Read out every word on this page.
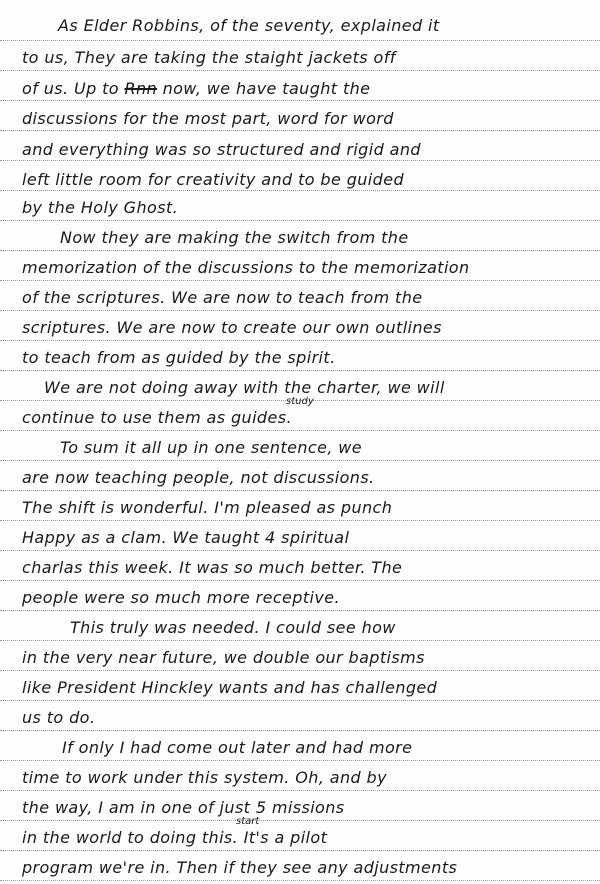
As Elder Robbins, of the seventy, explained it
to us, They are taking the staight jackets off
of us. Up to Rnn now, we have taught the
discussions for the most part, word for word
and everything was so structured and rigid and
left little room for creativity and to be guided
by the Holy Ghost.
Now they are making the switch from the
memorization of the discussions to the memorization
of the scriptures. We are now to teach from the
scriptures. We are now to create our own outlines
to teach from as guided by the spirit.
We are not doing away with the charter, we will
study
continue to use them as guides.
To sum it all up in one sentence, we
are now teaching people, not discussions.
The shift is wonderful. I'm pleased as punch
Happy as a clam. We taught 4 spiritual
charlas this week. It was so much better. The
people were so much more receptive.
This truly was needed. I could see how
in the very near future, we double our baptisms
like President Hinckley wants and has challenged
us to do.
If only I had come out later and had more
time to work under this system. Oh, and by
the way, I am in one of just 5 missions
start
in the world to doing this. It's a pilot
program we're in. Then if they see any adjustments
